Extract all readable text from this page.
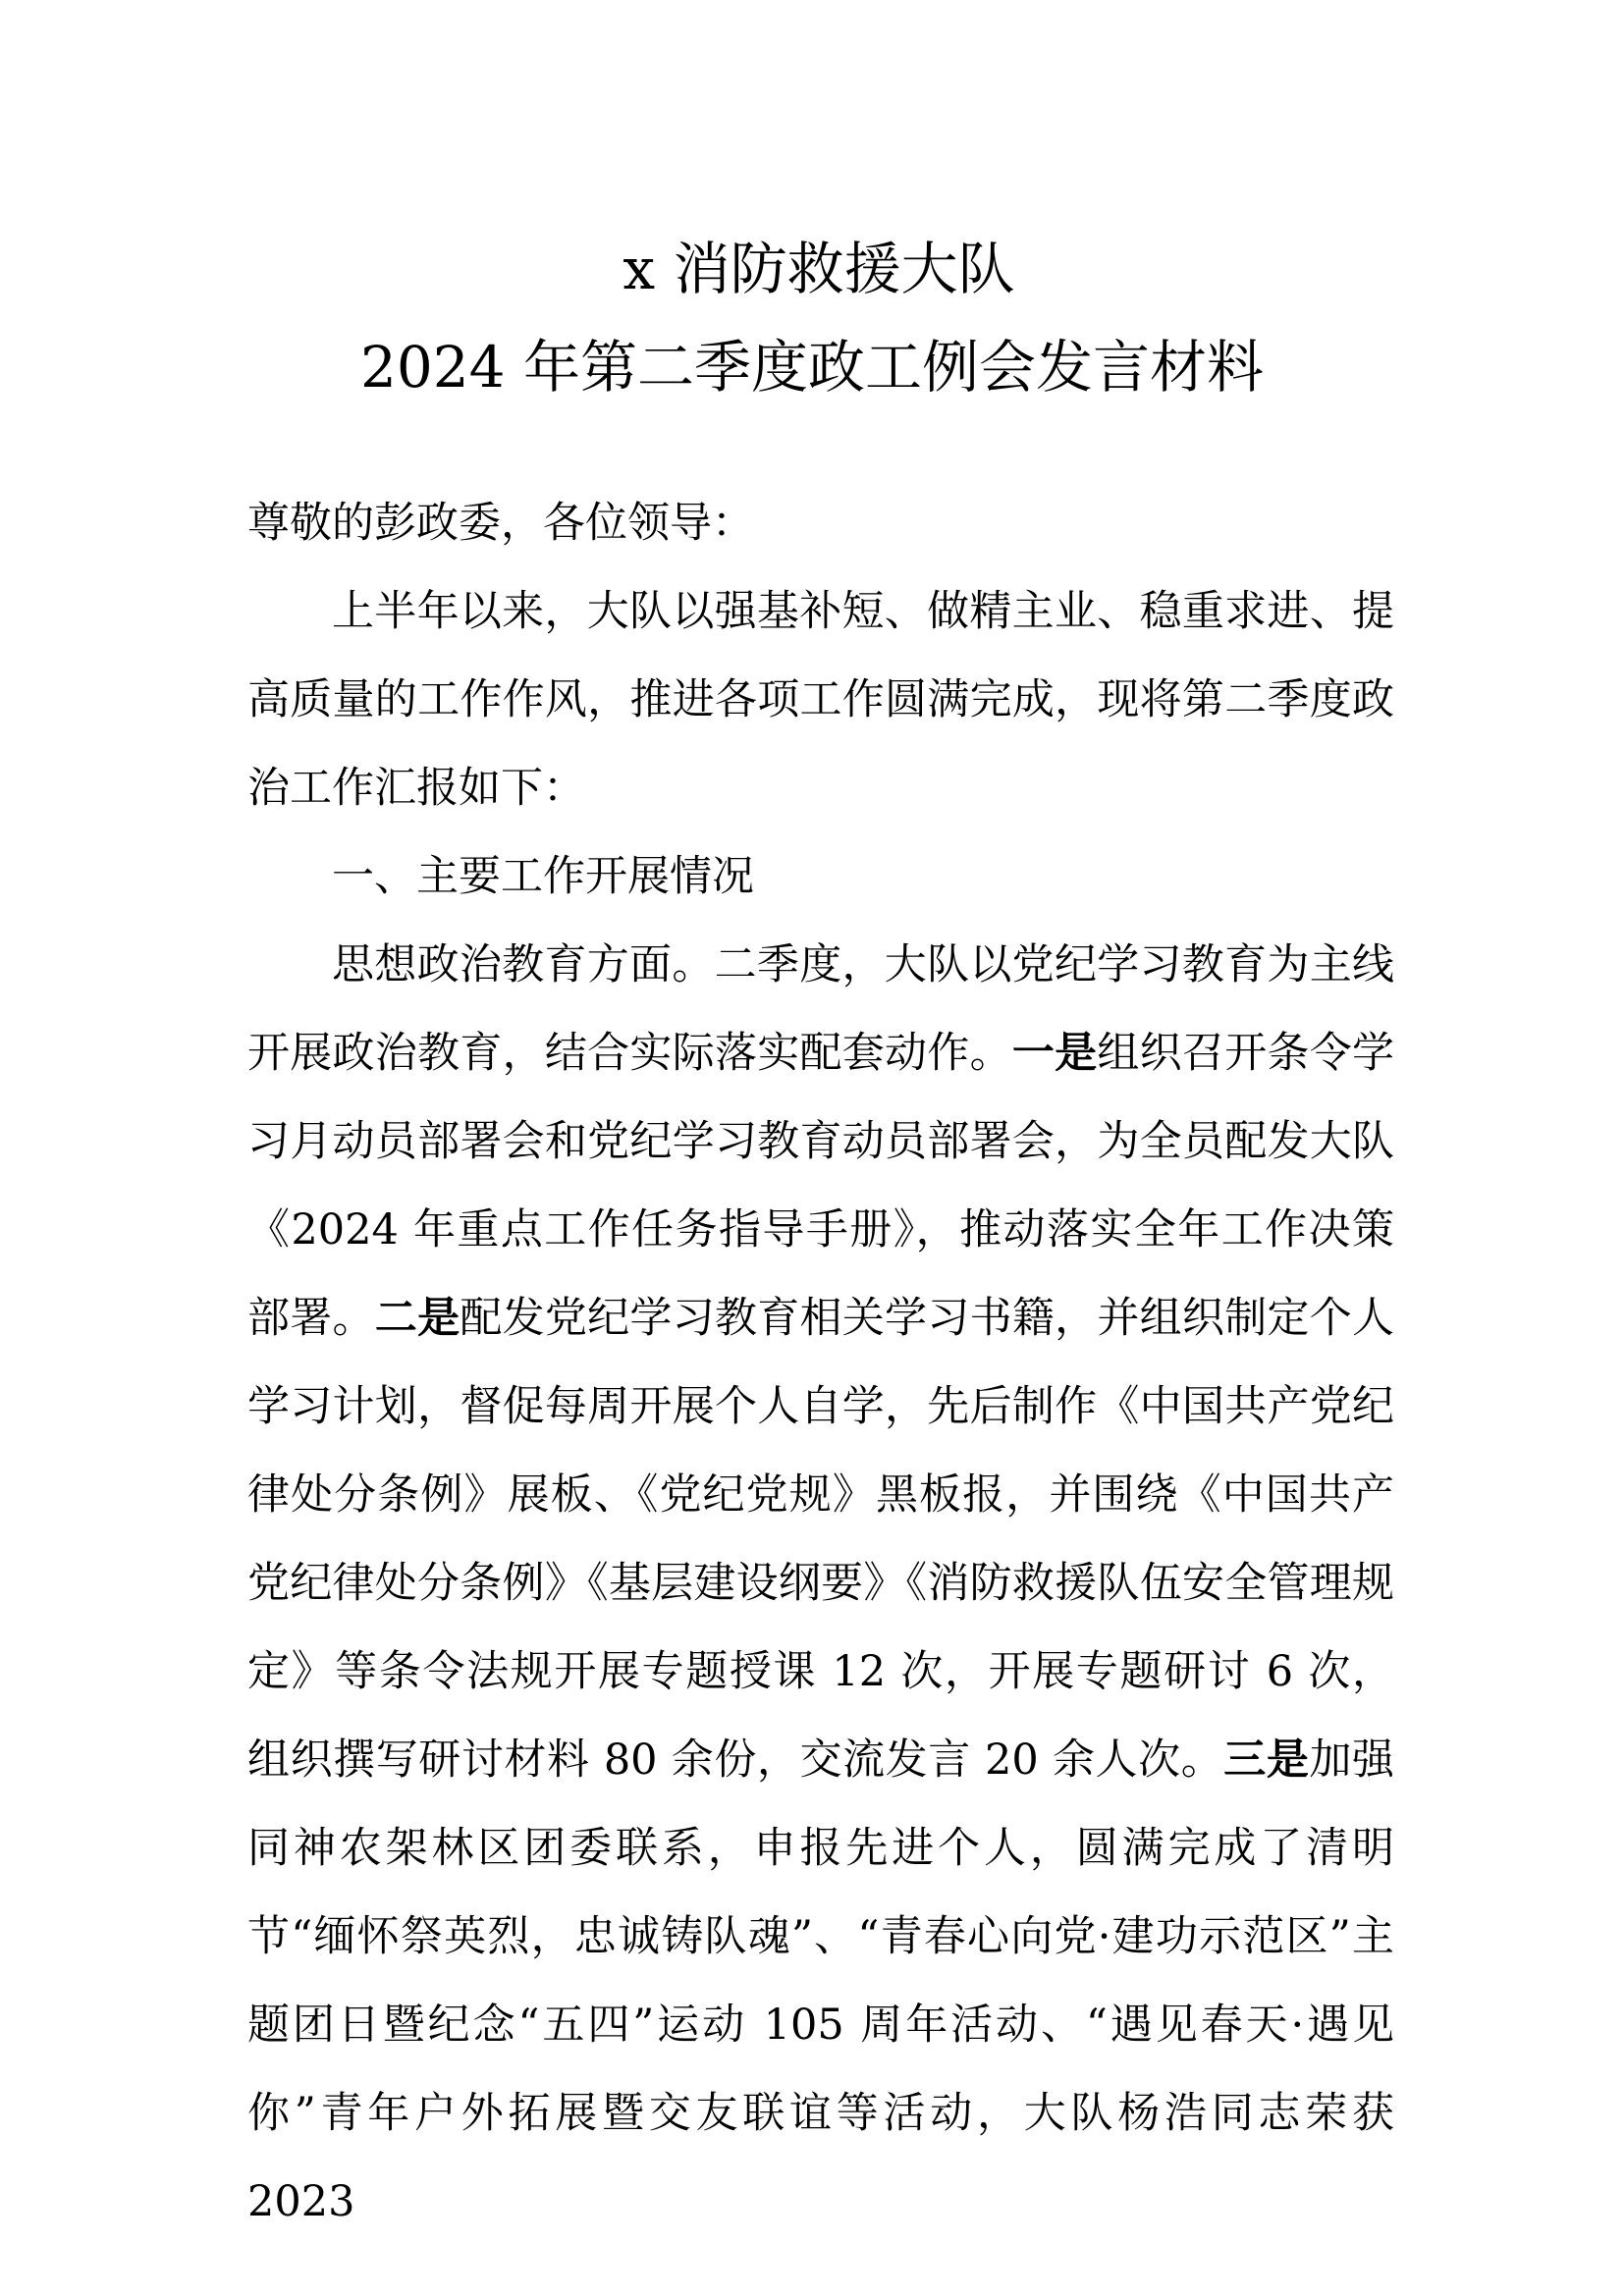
x 消防救援大队
2024 年第二季度政工例会发言材料

尊敬的彭政委，各位领导：

上半年以来，大队以强基补短、做精主业、稳重求进、提高质量的工作作风，推进各项工作圆满完成，现将第二季度政治工作汇报如下：

一、主要工作开展情况

思想政治教育方面。二季度，大队以党纪学习教育为主线开展政治教育，结合实际落实配套动作。一是组织召开条令学习月动员部署会和党纪学习教育动员部署会，为全员配发大队《2024 年重点工作任务指导手册》，推动落实全年工作决策部署。二是配发党纪学习教育相关学习书籍，并组织制定个人学习计划，督促每周开展个人自学，先后制作《中国共产党纪律处分条例》展板、《党纪党规》黑板报，并围绕《中国共产党纪律处分条例》《基层建设纲要》《消防救援队伍安全管理规定》等条令法规开展专题授课 12 次，开展专题研讨 6 次，组织撰写研讨材料 80 余份，交流发言 20 余人次。三是加强同神农架林区团委联系，申报先进个人，圆满完成了清明节“缅怀祭英烈，忠诚铸队魂”、“青春心向党·建功示范区”主题团日暨纪念“五四”运动 105 周年活动、“遇见春天·遇见你”青年户外拓展暨交友联谊等活动，大队杨浩同志荣获 2023
